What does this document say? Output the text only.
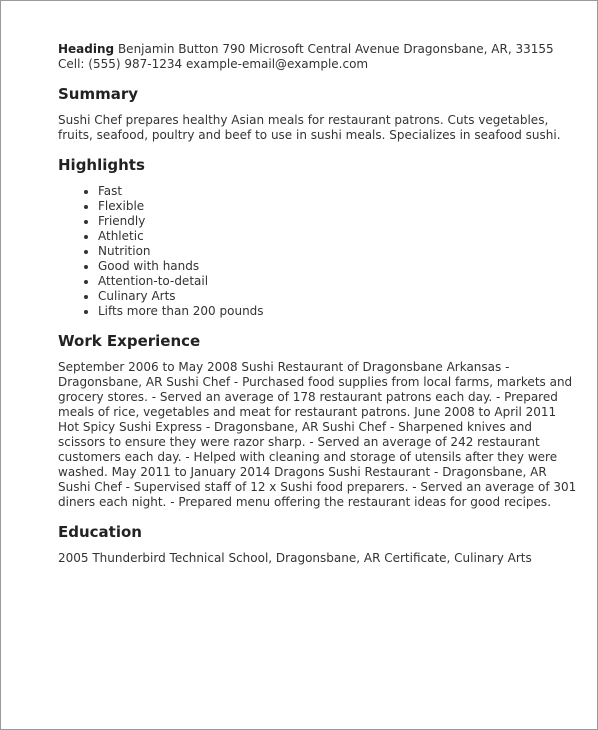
Heading Benjamin Button 790 Microsoft Central Avenue Dragonsbane, AR, 33155 Cell: (555) 987-1234 example-email@example.com

Summary

Sushi Chef prepares healthy Asian meals for restaurant patrons. Cuts vegetables, fruits, seafood, poultry and beef to use in sushi meals. Specializes in seafood sushi.

Highlights
• Fast
• Flexible
• Friendly
• Athletic
• Nutrition
• Good with hands
• Attention-to-detail
• Culinary Arts
• Lifts more than 200 pounds
Work Experience

September 2006 to May 2008 Sushi Restaurant of Dragonsbane Arkansas - Dragonsbane, AR Sushi Chef - Purchased food supplies from local farms, markets and grocery stores. - Served an average of 178 restaurant patrons each day. - Prepared meals of rice, vegetables and meat for restaurant patrons. June 2008 to April 2011 Hot Spicy Sushi Express - Dragonsbane, AR Sushi Chef - Sharpened knives and scissors to ensure they were razor sharp. - Served an average of 242 restaurant customers each day. - Helped with cleaning and storage of utensils after they were washed. May 2011 to January 2014 Dragons Sushi Restaurant - Dragonsbane, AR Sushi Chef - Supervised staff of 12 x Sushi food preparers. - Served an average of 301 diners each night. - Prepared menu offering the restaurant ideas for good recipes.

Education

2005 Thunderbird Technical School, Dragonsbane, AR Certificate, Culinary Arts
